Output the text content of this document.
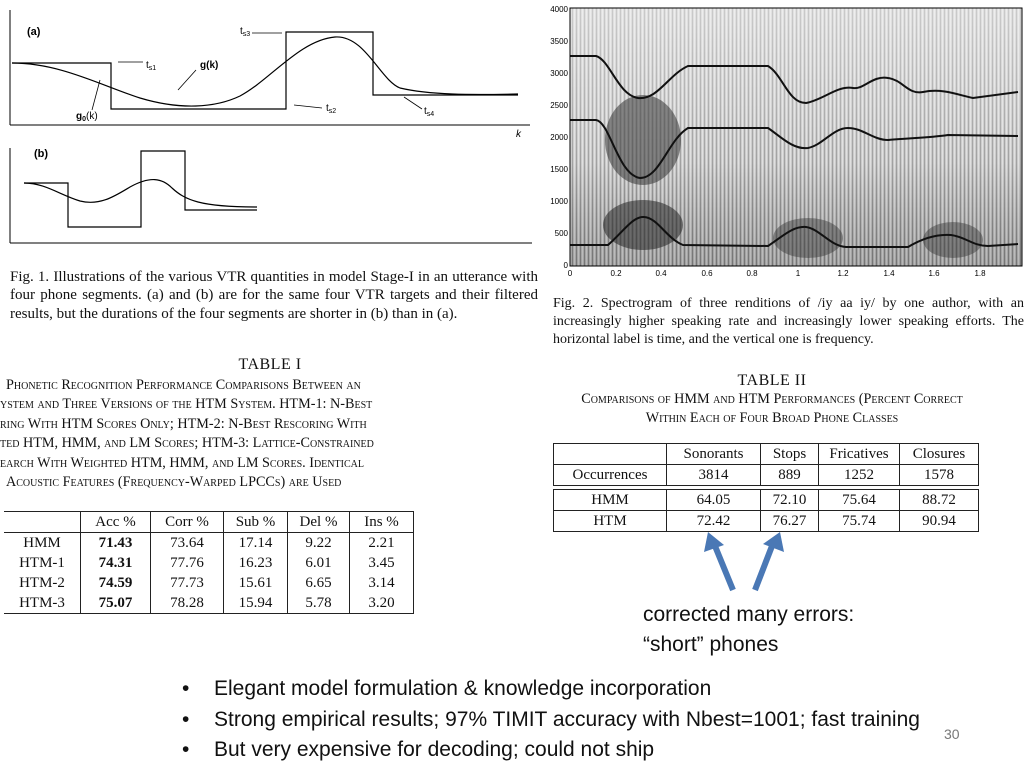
(a)
$t_{s1}$	g(k)
$g_0(k)$
$t_{s3}$
$t_{s2}$	$t_{s4}$
k
(b)
Fig. 1. Illustrations of the various VTR quantities in model Stage-I in an utterance with four phone segments. (a) and (b) are for the same four VTR targets and their filtered results, but the durations of the four segments are shorter in (b) than in (a).
4000
3500
3000
2500
2000
1500
1000
500
0
0	0.2	0.4	0.6	0.8	1	1.2	1.4	1.6	1.8
Fig. 2. Spectrogram of three renditions of /iy aa iy/ by one author, with an increasingly higher speaking rate and increasingly lower speaking efforts. The horizontal label is time, and the vertical one is frequency.
TABLE I
Phonetic Recognition Performance Comparisons Between an
ystem and Three Versions of the HTM System. HTM-1: N-Best
ring With HTM Scores Only; HTM-2: N-Best Rescoring With
ted HTM, HMM, and LM Scores; HTM-3: Lattice-Constrained
earch With Weighted HTM, HMM, and LM Scores. Identical
Acoustic Features (Frequency-Warped LPCCs) are Used
	Acc %	Corr %	Sub %	Del %	Ins %
HMM	71.43	73.64	17.14	9.22	2.21
HTM-1	74.31	77.76	16.23	6.01	3.45
HTM-2	74.59	77.73	15.61	6.65	3.14
HTM-3	75.07	78.28	15.94	5.78	3.20
TABLE II
Comparisons of HMM and HTM Performances (Percent Correct
Within Each of Four Broad Phone Classes
	Sonorants	Stops	Fricatives	Closures
Occurrences	3814	889	1252	1578
HMM	64.05	72.10	75.64	88.72
HTM	72.42	76.27	75.74	90.94
corrected many errors:
“short” phones
• Elegant model formulation & knowledge incorporation
• Strong empirical results; 97% TIMIT accuracy with Nbest=1001; fast training
• But very expensive for decoding; could not ship
30
